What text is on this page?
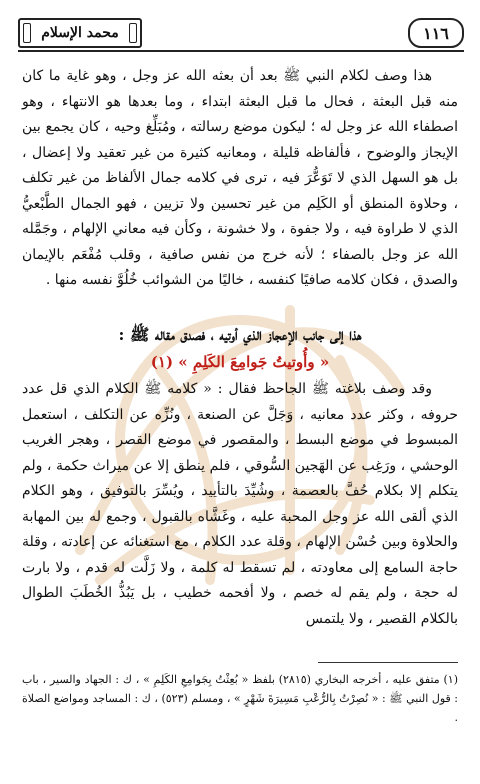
محمد الإسلام	١١٦

هذا وصف لكلام النبي ﷺ بعد أن بعثه الله عز وجل ، وهو غاية ما كان منه قبل البعثة ، فحال ما قبل البعثة ابتداء ، وما بعدها هو الانتهاء ، وهو اصطفاء الله عز وجل له ؛ ليكون موضع رسالته ، ومُبَلِّغ وحيه ، كان يجمع بين الإيجاز والوضوح ، فألفاظه قليلة ، ومعانيه كثيرة من غير تعقيد ولا إعضال ، بل هو السهل الذي لا تَوَعُّرَ فيه ، ترى في كلامه جمال الألفاظ من غير تكلف ، وحلاوة المنطق أو الكَلِم من غير تحسين ولا تزيين ، فهو الجمال الطَّبْعيُّ الذي لا طراوة فيه ، ولا جفوة ، ولا خشونة ، وكأن فيه معاني الإلهام ، وجَمَّله الله عز وجل بالصفاء ؛ لأنه خرج من نفس صافية ، وقلب مُفْعَم بالإيمان والصدق ، فكان كلامه صافيًا كنفسه ، خاليًا من الشوائب خُلُوَّ نفسه منها .

هذا إلى جانب الإعجاز الذي أوتيه ، فصدق مقاله ﷺ :
« وأُوتيتُ جَوامِعَ الكَلِمِ » (١)

وقد وصف بلاغته ﷺ الجاحظ فقال : « كلامه ﷺ الكلام الذي قل عدد حروفه ، وكثر عدد معانيه ، وَجَلَّ عن الصنعة ، ونُزِّه عن التكلف ، استعمل المبسوط في موضع البسط ، والمقصور في موضع القصر ، وهجر الغريب الوحشي ، ورَغِب عن الهَجين السُّوقي ، فلم ينطق إلا عن ميراث حكمة ، ولم يتكلم إلا بكلام حُفَّ بالعصمة ، وشُيِّدَ بالتأييد ، ويُسِّرَ بالتوفيق ، وهو الكلام الذي ألقى الله عز وجل المحبة عليه ، وغَشَّاه بالقبول ، وجمع له بين المهابة والحلاوة وبين حُسْن الإلهام ، وقلة عدد الكلام ، مع استغنائه عن إعادته ، وقلة حاجة السامع إلى معاودته ، لم تسقط له كلمة ، ولا زَلَّت له قدم ، ولا بارت له حجة ، ولم يقم له خصم ، ولا أفحمه خطيب ، بل يَبُذُّ الخُطَبَ الطوال بالكلام القصير ، ولا يلتمس

(١) متفق عليه ، أخرجه البخاري (٢٨١٥) بلفظ « بُعِثْتُ بِجَوامِعِ الكَلِمِ » ، ك : الجهاد والسير ، باب : قول النبي ﷺ : « نُصِرْتُ بِالرُّعْبِ مَسِيرَةَ شَهْرٍ » ، ومسلم (٥٢٣) ، ك : المساجد ومواضع الصلاة .
